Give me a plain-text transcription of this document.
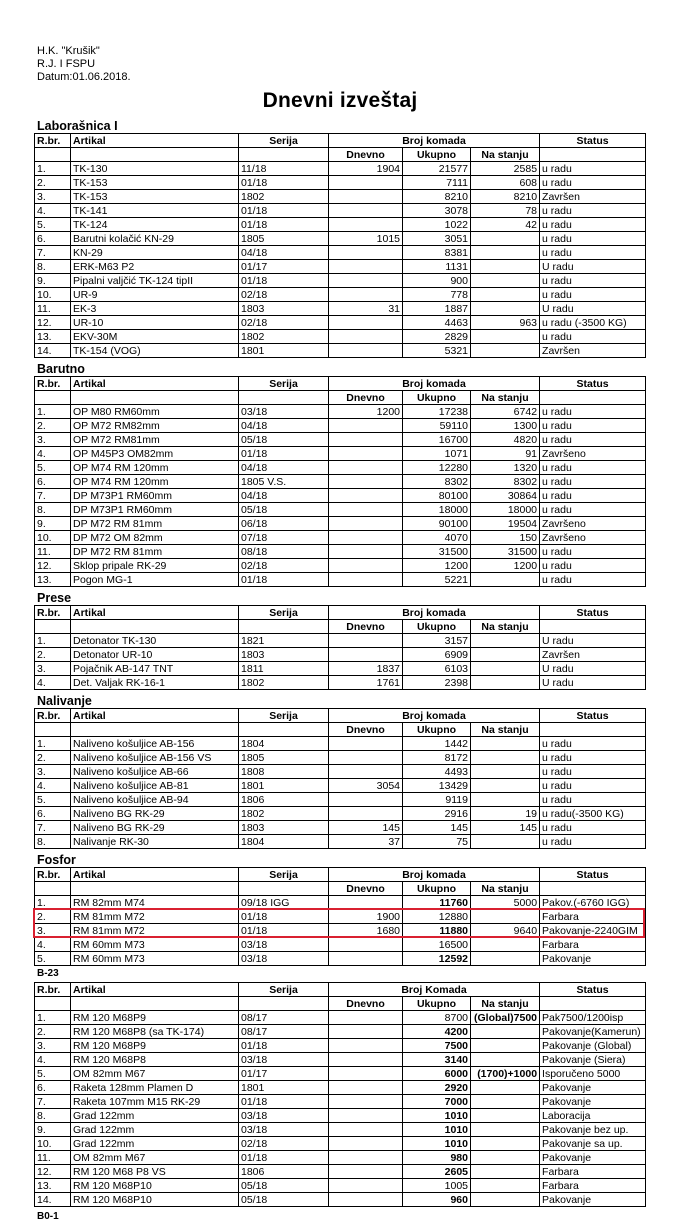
H.K. "Krušik"
R.J. I FSPU
Datum:01.06.2018.
Dnevni izveštaj
Laborašnica I
R.br.	Artikal	Serija	Broj komada			Status
			Dnevno	Ukupno	Na stanju	
1.	TK-130	11/18	1904	21577	2585	u radu
2.	TK-153	01/18		7111	608	u radu
3.	TK-153	1802		8210	8210	Završen
4.	TK-141	01/18		3078	78	u radu
5.	TK-124	01/18		1022	42	u radu
6.	Barutni kolačić KN-29	1805	1015	3051		u radu
7.	KN-29	04/18		8381		u radu
8.	ERK-M63 P2	01/17		1131		U radu
9.	Pipalni valjčić TK-124 tipII	01/18		900		u radu
10.	UR-9	02/18		778		u radu
11.	EK-3	1803	31	1887		U radu
12.	UR-10	02/18		4463	963	u radu (-3500 KG)
13.	EKV-30M	1802		2829		u radu
14.	TK-154 (VOG)	1801		5321		Završen
Barutno
R.br.	Artikal	Serija	Broj komada			Status
			Dnevno	Ukupno	Na stanju	
1.	OP M80 RM60mm	03/18	1200	17238	6742	u radu
2.	OP M72 RM82mm	04/18		59110	1300	u radu
3.	OP M72 RM81mm	05/18		16700	4820	u radu
4.	OP M45P3 OM82mm	01/18		1071	91	Završeno
5.	OP M74 RM 120mm	04/18		12280	1320	u radu
6.	OP M74 RM 120mm	1805 V.S.		8302	8302	u radu
7.	DP M73P1 RM60mm	04/18		80100	30864	u radu
8.	DP M73P1 RM60mm	05/18		18000	18000	u radu
9.	DP M72 RM 81mm	06/18		90100	19504	Završeno
10.	DP M72 OM 82mm	07/18		4070	150	Završeno
11.	DP M72 RM 81mm	08/18		31500	31500	u radu
12.	Sklop pripale RK-29	02/18		1200	1200	u radu
13.	Pogon MG-1	01/18		5221		u radu
Prese
R.br.	Artikal	Serija	Broj komada			Status
			Dnevno	Ukupno	Na stanju	
1.	Detonator TK-130	1821		3157		U radu
2.	Detonator UR-10	1803		6909		Završen
3.	Pojačnik AB-147 TNT	1811	1837	6103		U radu
4.	Det. Valjak RK-16-1	1802	1761	2398		U radu
Nalivanje
R.br.	Artikal	Serija	Broj komada			Status
			Dnevno	Ukupno	Na stanju	
1.	Naliveno košuljice AB-156	1804		1442		u radu
2.	Naliveno košuljice AB-156 VS	1805		8172		u radu
3.	Naliveno košuljice AB-66	1808		4493		u radu
4.	Naliveno košuljice AB-81	1801	3054	13429		u radu
5.	Naliveno košuljice AB-94	1806		9119		u radu
6.	Naliveno BG RK-29	1802		2916	19	u radu(-3500 KG)
7.	Naliveno BG RK-29	1803	145	145	145	u radu
8.	Nalivanje RK-30	1804	37	75		u radu
Fosfor
R.br.	Artikal	Serija	Broj komada			Status
			Dnevno	Ukupno	Na stanju	
1.	RM 82mm M74	09/18 IGG		11760	5000	Pakov.(-6760 IGG)
2.	RM 81mm M72	01/18	1900	12880		Farbara
3.	RM 81mm M72	01/18	1680	11880	9640	Pakovanje-2240GIM
4.	RM 60mm M73	03/18		16500		Farbara
5.	RM 60mm M73	03/18		12592		Pakovanje
R.br.	Artikal	Serija	Broj Komada			Status
			Dnevno	Ukupno	Na stanju	
1.	RM 120 M68P9	08/17		8700	(Global)7500	Pak7500/1200isp
2.	RM 120 M68P8 (sa TK-174)	08/17		4200		Pakovanje(Kamerun)
3.	RM 120 M68P9	01/18		7500		Pakovanje (Global)
4.	RM 120 M68P8	03/18		3140		Pakovanje (Siera)
5.	OM 82mm M67	01/17		6000	(1700)+1000	Isporučeno 5000
6.	Raketa 128mm Plamen D	1801		2920		Pakovanje
7.	Raketa 107mm M15 RK-29	01/18		7000		Pakovanje
8.	Grad 122mm	03/18		1010		Laboracija
9.	Grad 122mm	03/18		1010		Pakovanje bez up.
10.	Grad 122mm	02/18		1010		Pakovanje sa up.
11.	OM 82mm M67	01/18		980		Pakovanje
12.	RM 120 M68 P8 VS	1806		2605		Farbara
13.	RM 120 M68P10	05/18		1005		Farbara
14.	RM 120 M68P10	05/18		960		Pakovanje
B-23
B0-1
